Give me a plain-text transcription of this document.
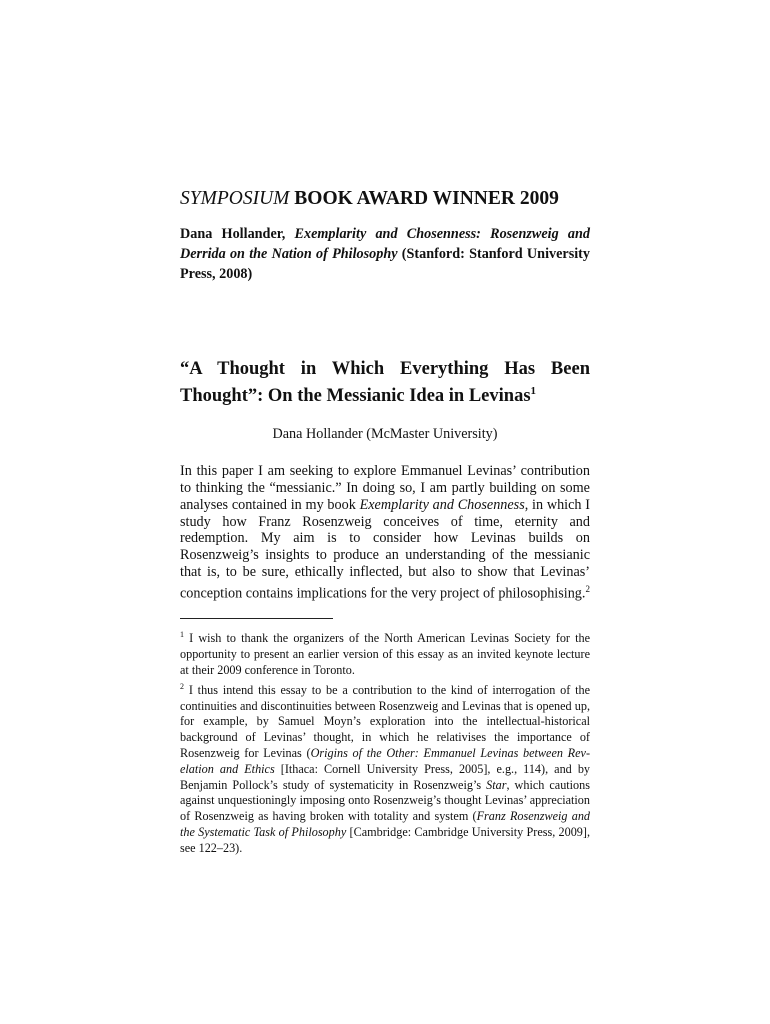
SYMPOSIUM BOOK AWARD WINNER 2009

Dana Hollander, Exemplarity and Chosenness: Rosenzweig and Derrida on the Nation of Philosophy (Stanford: Stanford University Press, 2008)

“A Thought in Which Everything Has Been Thought”: On the Messianic Idea in Levinas$^1$

Dana Hollander (McMaster University)

In this paper I am seeking to explore Emmanuel Levinas’ contribution to thinking the “messianic.” In doing so, I am partly building on some analyses contained in my book Exemplarity and Chosenness, in which I study how Franz Rosenzweig conceives of time, eternity and redemption. My aim is to consider how Levinas builds on Rosenzweig’s insights to produce an understanding of the messianic that is, to be sure, ethically inflected, but also to show that Levinas’ conception contains implications for the very project of philosophising.$^2$

$^1$ I wish to thank the organizers of the North American Levinas Society for the opportunity to present an earlier version of this essay as an invited keynote lecture at their 2009 conference in Toronto.

$^2$ I thus intend this essay to be a contribution to the kind of interrogation of the continuities and discontinuities between Rosenzweig and Levinas that is opened up, for example, by Samuel Moyn’s exploration into the intellectual-historical background of Levinas’ thought, in which he relativises the importance of Rosenzweig for Levinas (Origins of the Other: Emmanuel Levinas between Revelation and Ethics [Ithaca: Cornell University Press, 2005], e.g., 114), and by Benjamin Pollock’s study of systematicity in Rosenzweig’s Star, which cautions against unquestioningly imposing onto Rosenzweig’s thought Levinas’ appreciation of Rosenzweig as having broken with totality and system (Franz Rosenzweig and the Systematic Task of Philosophy [Cambridge: Cambridge University Press, 2009], see 122–23).
